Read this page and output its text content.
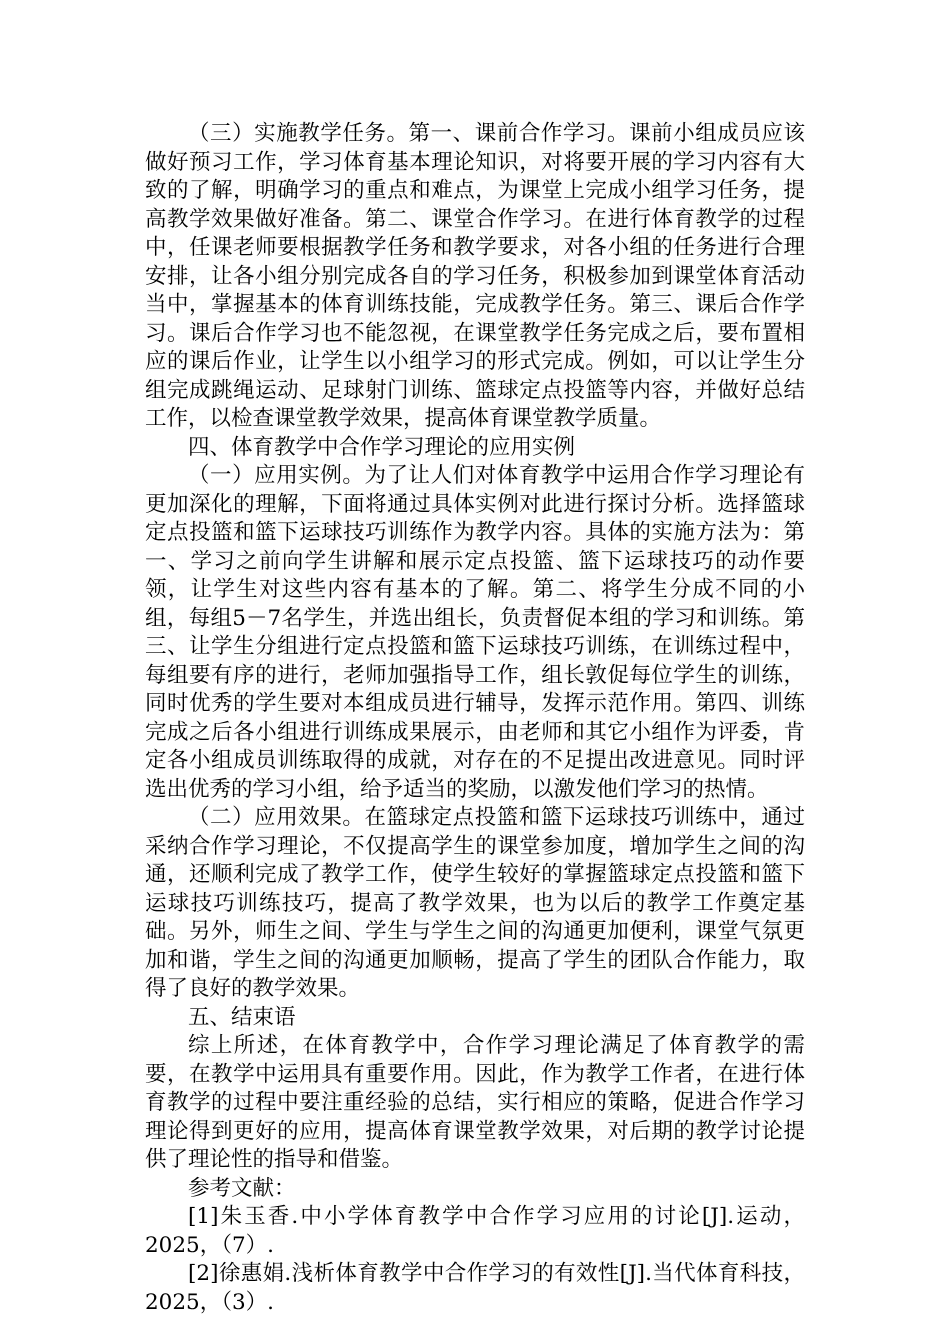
（三）实施教学任务。第一、课前合作学习。课前小组成员应该做好预习工作，学习体育基本理论知识，对将要开展的学习内容有大致的了解，明确学习的重点和难点，为课堂上完成小组学习任务，提高教学效果做好准备。第二、课堂合作学习。在进行体育教学的过程中，任课老师要根据教学任务和教学要求，对各小组的任务进行合理安排，让各小组分别完成各自的学习任务，积极参加到课堂体育活动当中，掌握基本的体育训练技能，完成教学任务。第三、课后合作学习。课后合作学习也不能忽视，在课堂教学任务完成之后，要布置相应的课后作业，让学生以小组学习的形式完成。例如，可以让学生分组完成跳绳运动、足球射门训练、篮球定点投篮等内容，并做好总结工作，以检查课堂教学效果，提高体育课堂教学质量。

四、体育教学中合作学习理论的应用实例

（一）应用实例。为了让人们对体育教学中运用合作学习理论有更加深化的理解，下面将通过具体实例对此进行探讨分析。选择篮球定点投篮和篮下运球技巧训练作为教学内容。具体的实施方法为：第一、学习之前向学生讲解和展示定点投篮、篮下运球技巧的动作要领，让学生对这些内容有基本的了解。第二、将学生分成不同的小组，每组5－7名学生，并选出组长，负责督促本组的学习和训练。第三、让学生分组进行定点投篮和篮下运球技巧训练，在训练过程中，每组要有序的进行，老师加强指导工作，组长敦促每位学生的训练，同时优秀的学生要对本组成员进行辅导，发挥示范作用。第四、训练完成之后各小组进行训练成果展示，由老师和其它小组作为评委，肯定各小组成员训练取得的成就，对存在的不足提出改进意见。同时评选出优秀的学习小组，给予适当的奖励，以激发他们学习的热情。

（二）应用效果。在篮球定点投篮和篮下运球技巧训练中，通过采纳合作学习理论，不仅提高学生的课堂参加度，增加学生之间的沟通，还顺利完成了教学工作，使学生较好的掌握篮球定点投篮和篮下运球技巧训练技巧，提高了教学效果，也为以后的教学工作奠定基础。另外，师生之间、学生与学生之间的沟通更加便利，课堂气氛更加和谐，学生之间的沟通更加顺畅，提高了学生的团队合作能力，取得了良好的教学效果。

五、结束语

综上所述，在体育教学中，合作学习理论满足了体育教学的需要，在教学中运用具有重要作用。因此，作为教学工作者，在进行体育教学的过程中要注重经验的总结，实行相应的策略，促进合作学习理论得到更好的应用，提高体育课堂教学效果，对后期的教学讨论提供了理论性的指导和借鉴。

参考文献：

[1]朱玉香.中小学体育教学中合作学习应用的讨论[J].运动，2025，（7）.

[2]徐惠娟.浅析体育教学中合作学习的有效性[J].当代体育科技，2025，（3）.
